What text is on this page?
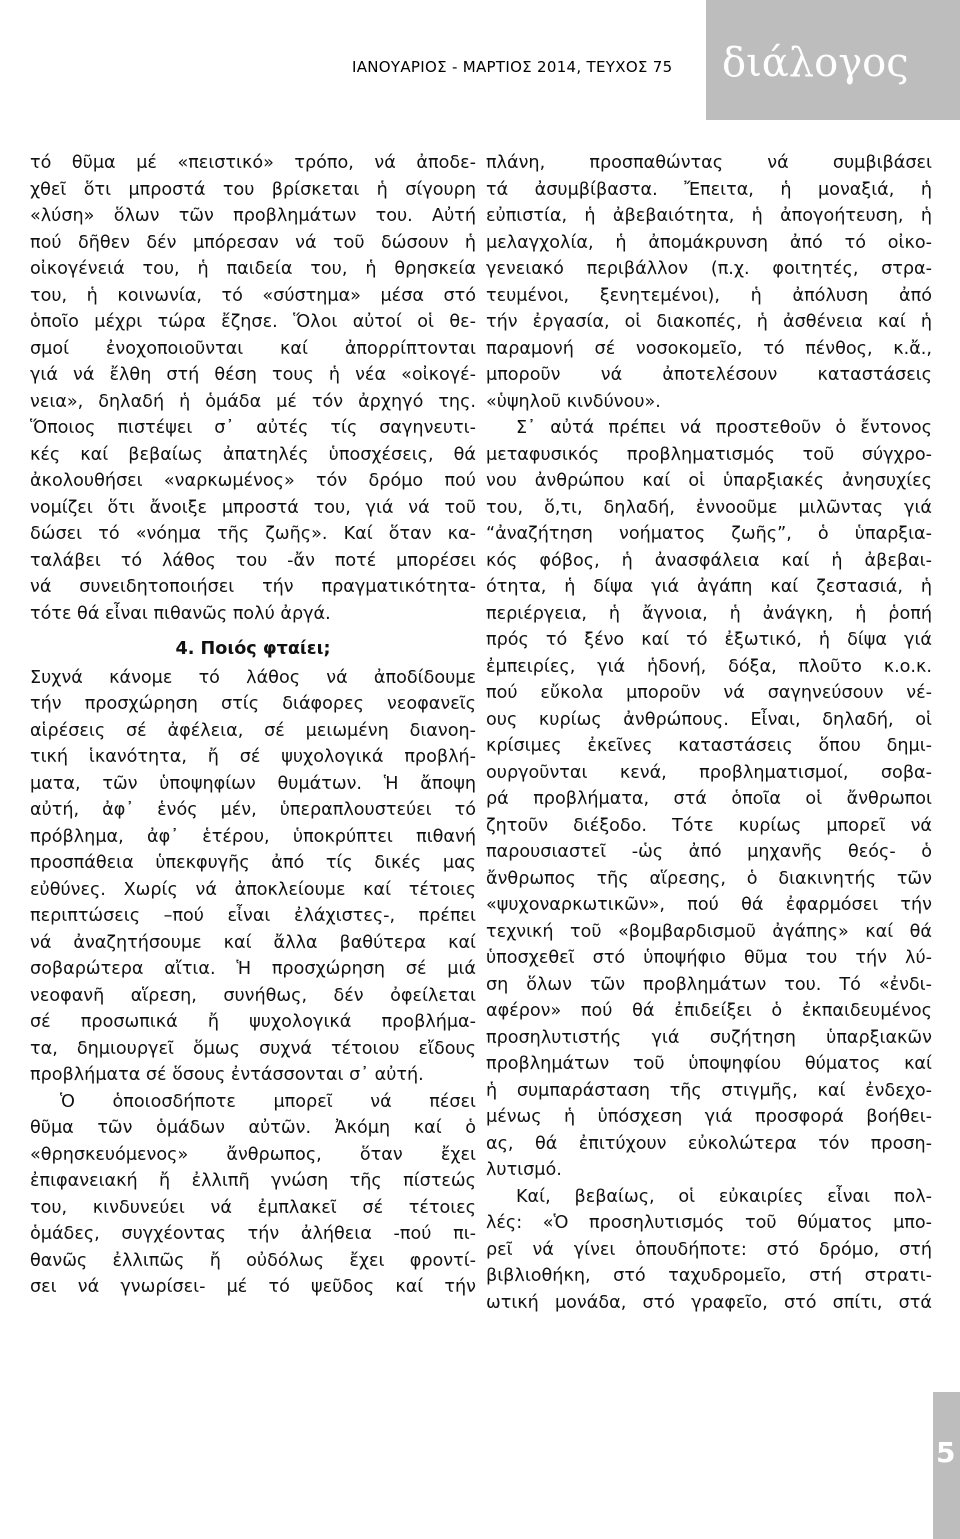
ΙΑΝΟΥΑΡΙΟΣ - ΜΑΡΤΙΟΣ 2014, ΤΕΥΧΟΣ 75	διάλογος
τό θῦμα μέ «πειστικό» τρόπο, νά ἀποδε-
χθεῖ ὅτι μπροστά του βρίσκεται ἡ σίγουρη
«λύση» ὅλων τῶν προβλημάτων του. Αὐτή
πού δῆθεν δέν μπόρεσαν νά τοῦ δώσουν ἡ
οἰκογένειά του, ἡ παιδεία του, ἡ θρησκεία
του, ἡ κοινωνία, τό «σύστημα» μέσα στό
ὁποῖο μέχρι τώρα ἔζησε. Ὅλοι αὐτοί οἱ θε-
σμοί ἐνοχοποιοῦνται καί ἀπορρίπτονται
γιά νά ἔλθη στή θέση τους ἡ νέα «οἰκογέ-
νεια», δηλαδή ἡ ὁμάδα μέ τόν ἀρχηγό της.
Ὅποιος πιστέψει σ᾽ αὐτές τίς σαγηνευτι-
κές καί βεβαίως ἀπατηλές ὑποσχέσεις, θά
ἀκολουθήσει «ναρκωμένος» τόν δρόμο πού
νομίζει ὅτι ἄνοιξε μπροστά του, γιά νά τοῦ
δώσει τό «νόημα τῆς ζωῆς». Καί ὅταν κα-
ταλάβει τό λάθος του -ἄν ποτέ μπορέσει
νά συνειδητοποιήσει τήν πραγματικότητα-
τότε θά εἶναι πιθανῶς πολύ ἀργά.
4. Ποιός φταίει;
Συχνά κάνομε τό λάθος νά ἀποδίδουμε
τήν προσχώρηση στίς διάφορες νεοφανεῖς
αἱρέσεις σέ ἀφέλεια, σέ μειωμένη διανοη-
τική ἱκανότητα, ἤ σέ ψυχολογικά προβλή-
ματα, τῶν ὑποψηφίων θυμάτων. Ἡ ἄποψη
αὐτή, ἀφ᾽ ἑνός μέν, ὑπεραπλουστεύει τό
πρόβλημα, ἀφ᾽ ἑτέρου, ὑποκρύπτει πιθανή
προσπάθεια ὑπεκφυγῆς ἀπό τίς δικές μας
εὐθύνες. Χωρίς νά ἀποκλείουμε καί τέτοιες
περιπτώσεις –πού εἶναι ἐλάχιστες-, πρέπει
νά ἀναζητήσουμε καί ἄλλα βαθύτερα καί
σοβαρώτερα αἴτια. Ἡ προσχώρηση σέ μιά
νεοφανῆ αἵρεση, συνήθως, δέν ὀφείλεται
σέ προσωπικά ἤ ψυχολογικά προβλήμα-
τα, δημιουργεῖ ὅμως συχνά τέτοιου εἴδους
προβλήματα σέ ὅσους ἐντάσσονται σ᾽ αὐτή.
Ὁ ὁποιοσδήποτε μπορεῖ νά πέσει
θῦμα τῶν ὁμάδων αὐτῶν. Ἀκόμη καί ὁ
«θρησκευόμενος» ἄνθρωπος, ὅταν ἔχει
ἐπιφανειακή ἤ ἐλλιπῆ γνώση τῆς πίστεώς
του, κινδυνεύει νά ἐμπλακεῖ σέ τέτοιες
ὁμάδες, συγχέοντας τήν ἀλήθεια -πού πι-
θανῶς ἐλλιπῶς ἤ οὐδόλως ἔχει φροντί-
σει νά γνωρίσει- μέ τό ψεῦδος καί τήν
πλάνη, προσπαθώντας νά συμβιβάσει
τά ἀσυμβίβαστα. Ἔπειτα, ἡ μοναξιά, ἡ
εὐπιστία, ἡ ἀβεβαιότητα, ἡ ἀπογοήτευση, ἡ
μελαγχολία, ἡ ἀπομάκρυνση ἀπό τό οἰκο-
γενειακό περιβάλλον (π.χ. φοιτητές, στρα-
τευμένοι, ξενητεμένοι), ἡ ἀπόλυση ἀπό
τήν ἐργασία, οἱ διακοπές, ἡ ἀσθένεια καί ἡ
παραμονή σέ νοσοκομεῖο, τό πένθος, κ.ἄ.,
μποροῦν νά ἀποτελέσουν καταστάσεις
«ὑψηλοῦ κινδύνου».
Σ᾽ αὐτά πρέπει νά προστεθοῦν ὁ ἔντονος
μεταφυσικός προβληματισμός τοῦ σύγχρο-
νου ἀνθρώπου καί οἱ ὑπαρξιακές ἀνησυχίες
του, ὅ,τι, δηλαδή, ἐννοοῦμε μιλῶντας γιά
“ἀναζήτηση νοήματος ζωῆς”, ὁ ὑπαρξια-
κός φόβος, ἡ ἀνασφάλεια καί ἡ ἀβεβαι-
ότητα, ἡ δίψα γιά ἀγάπη καί ζεστασιά, ἡ
περιέργεια, ἡ ἄγνοια, ἡ ἀνάγκη, ἡ ῥοπή
πρός τό ξένο καί τό ἐξωτικό, ἡ δίψα γιά
ἐμπειρίες, γιά ἡδονή, δόξα, πλοῦτο κ.ο.κ.
πού εὔκολα μποροῦν νά σαγηνεύσουν νέ-
ους κυρίως ἀνθρώπους. Εἶναι, δηλαδή, οἱ
κρίσιμες ἐκεῖνες καταστάσεις ὅπου δημι-
ουργοῦνται κενά, προβληματισμοί, σοβα-
ρά προβλήματα, στά ὁποῖα οἱ ἄνθρωποι
ζητοῦν διέξοδο. Τότε κυρίως μπορεῖ νά
παρουσιαστεῖ -ὡς ἀπό μηχανῆς θεός- ὁ
ἄνθρωπος τῆς αἵρεσης, ὁ διακινητής τῶν
«ψυχοναρκωτικῶν», πού θά ἐφαρμόσει τήν
τεχνική τοῦ «βομβαρδισμοῦ ἀγάπης» καί θά
ὑποσχεθεῖ στό ὑποψήφιο θῦμα του τήν λύ-
ση ὅλων τῶν προβλημάτων του. Τό «ἐνδι-
αφέρον» πού θά ἐπιδείξει ὁ ἐκπαιδευμένος
προσηλυτιστής γιά συζήτηση ὑπαρξιακῶν
προβλημάτων τοῦ ὑποψηφίου θύματος καί
ἡ συμπαράσταση τῆς στιγμῆς, καί ἐνδεχο-
μένως ἡ ὑπόσχεση γιά προσφορά βοήθει-
ας, θά ἐπιτύχουν εὐκολώτερα τόν προση-
λυτισμό.
Καί, βεβαίως, οἱ εὐκαιρίες εἶναι πολ-
λές: «Ὁ προσηλυτισμός τοῦ θύματος μπο-
ρεῖ νά γίνει ὁπουδήποτε: στό δρόμο, στή
βιβλιοθήκη, στό ταχυδρομεῖο, στή στρατι-
ωτική μονάδα, στό γραφεῖο, στό σπίτι, στά
5
